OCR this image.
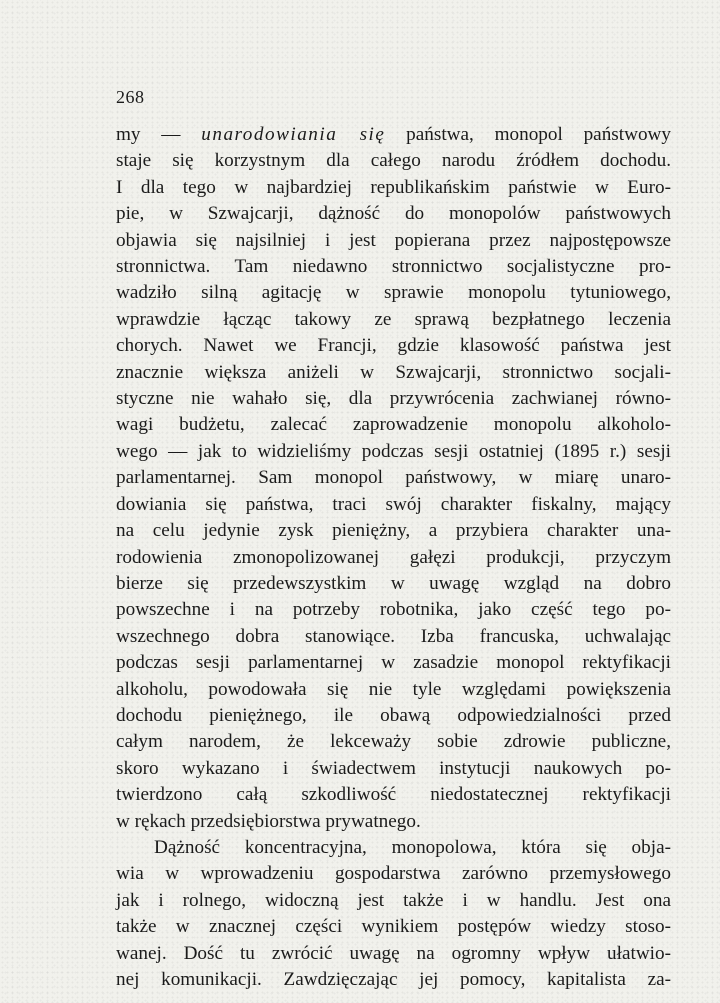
268

my — unarodowiania się państwa, monopol państwowy
staje się korzystnym dla całego narodu źródłem dochodu.
I dla tego w najbardziej republikańskim państwie w Euro-
pie, w Szwajcarji, dążność do monopolów państwowych
objawia się najsilniej i jest popierana przez najpostępowsze
stronnictwa. Tam niedawno stronnictwo socjalistyczne pro-
wadziło silną agitację w sprawie monopolu tytuniowego,
wprawdzie łącząc takowy ze sprawą bezpłatnego leczenia
chorych. Nawet we Francji, gdzie klasowość państwa jest
znacznie większa aniżeli w Szwajcarji, stronnictwo socjali-
styczne nie wahało się, dla przywrócenia zachwianej równo-
wagi budżetu, zalecać zaprowadzenie monopolu alkoholo-
wego — jak to widzieliśmy podczas sesji ostatniej (1895 r.) sesji
parlamentarnej. Sam monopol państwowy, w miarę unaro-
dowiania się państwa, traci swój charakter fiskalny, mający
na celu jedynie zysk pieniężny, a przybiera charakter una-
rodowienia zmonopolizowanej gałęzi produkcji, przyczym
bierze się przedewszystkim w uwagę wzgląd na dobro
powszechne i na potrzeby robotnika, jako część tego po-
wszechnego dobra stanowiące. Izba francuska, uchwalając
podczas sesji parlamentarnej w zasadzie monopol rektyfikacji
alkoholu, powodowała się nie tyle względami powiększenia
dochodu pieniężnego, ile obawą odpowiedzialności przed
całym narodem, że lekceważy sobie zdrowie publiczne,
skoro wykazano i świadectwem instytucji naukowych po-
twierdzono całą szkodliwość niedostatecznej rektyfikacji
w rękach przedsiębiorstwa prywatnego.

Dążność koncentracyjna, monopolowa, która się obja-
wia w wprowadzeniu gospodarstwa zarówno przemysłowego
jak i rolnego, widoczną jest także i w handlu. Jest ona
także w znacznej części wynikiem postępów wiedzy stoso-
wanej. Dość tu zwrócić uwagę na ogromny wpływ ułatwio-
nej komunikacji. Zawdzięczając jej pomocy, kapitalista za-
